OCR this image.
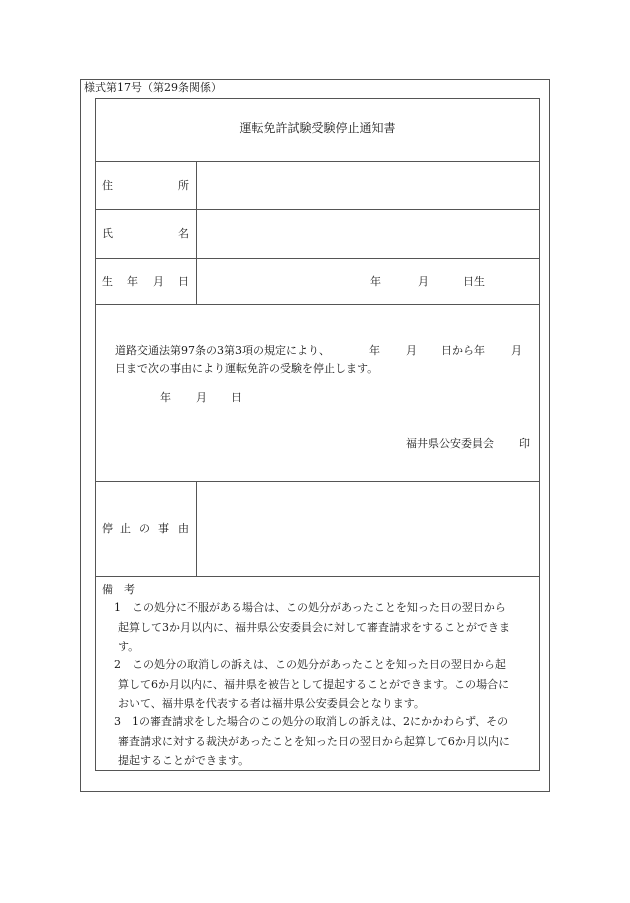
様式第17号（第29条関係）
運転免許試験受験停止通知書
住	所
氏	名
生 年 月 日	年	月	日生
道路交通法第97条の3第3項の規定により、	年 月 日から年 月
日まで次の事由により運転免許の受験を停止します。
年 月 日
福井県公安委員会 印
停 止 の 事 由
備 考
1	この処分に不服がある場合は、この処分があったことを知った日の翌日から
起算して3か月以内に、福井県公安委員会に対して審査請求をすることができま
す。
2	この処分の取消しの訴えは、この処分があったことを知った日の翌日から起
算して6か月以内に、福井県を被告として提起することができます。この場合に
おいて、福井県を代表する者は福井県公安委員会となります。
3	1の審査請求をした場合のこの処分の取消しの訴えは、2にかかわらず、その
審査請求に対する裁決があったことを知った日の翌日から起算して6か月以内に
提起することができます。
